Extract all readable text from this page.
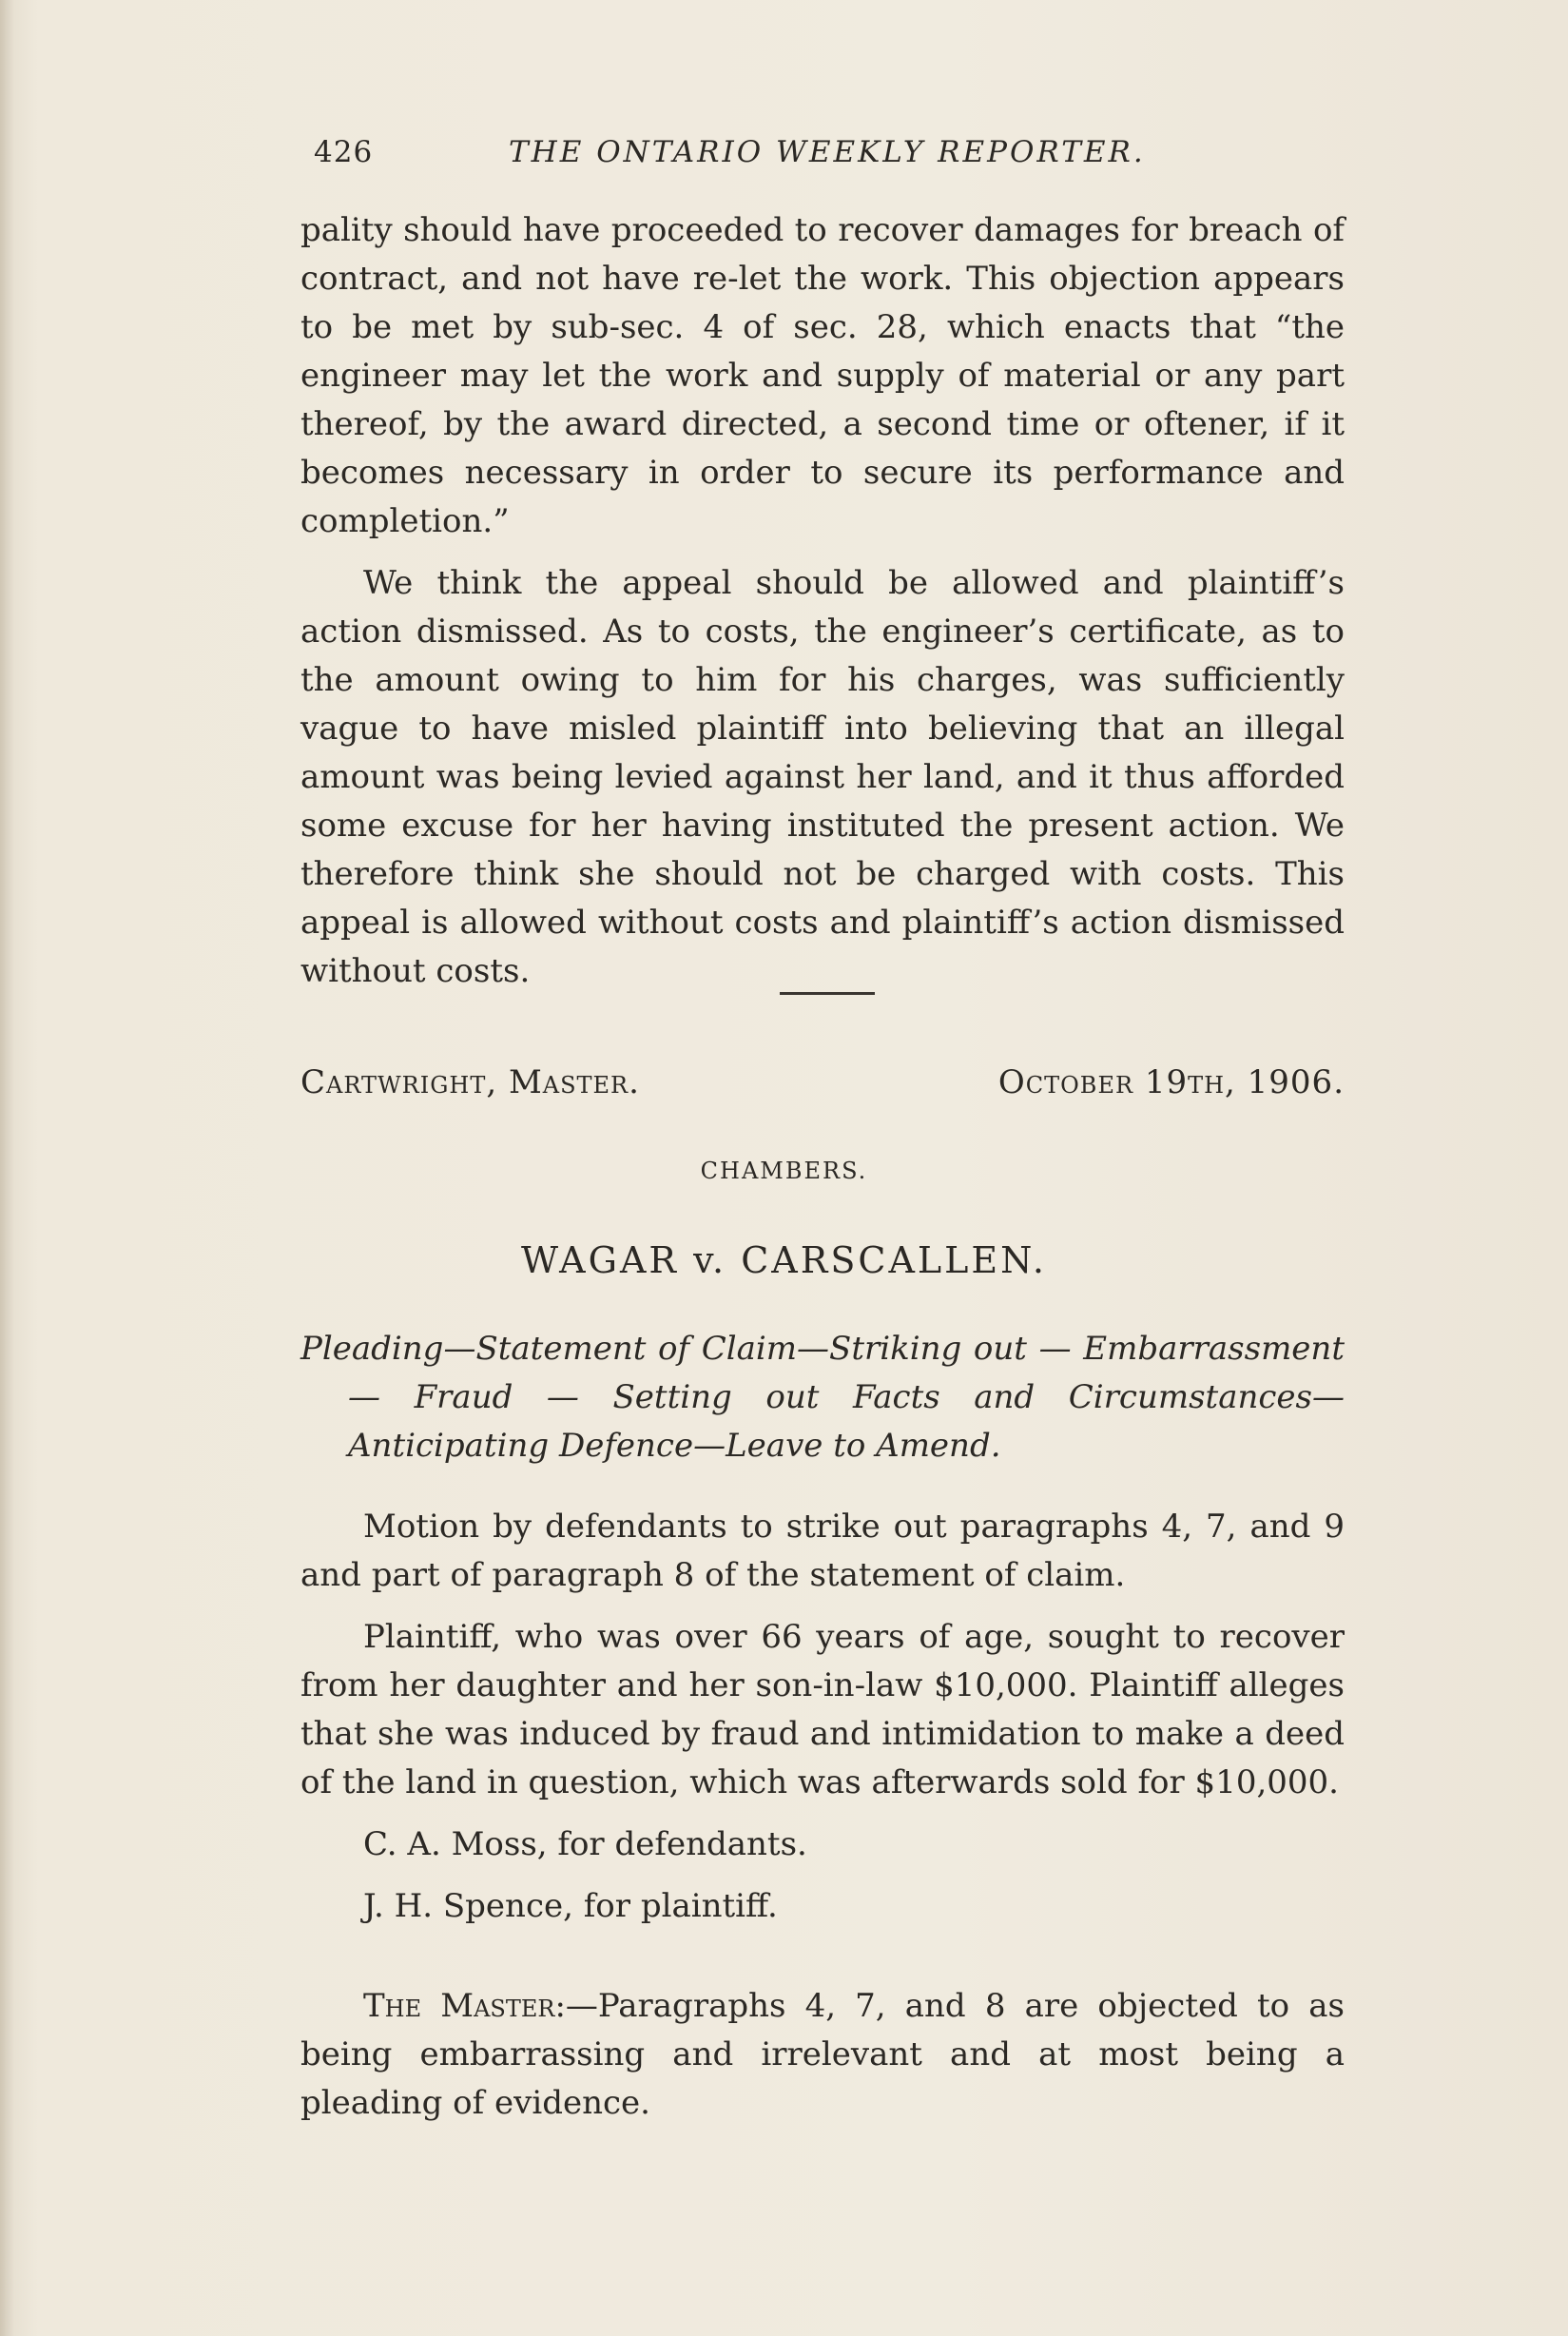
426	THE ONTARIO WEEKLY REPORTER.

pality should have proceeded to recover damages for breach of contract, and not have re-let the work. This objection appears to be met by sub-sec. 4 of sec. 28, which enacts that “the engineer may let the work and supply of material or any part thereof, by the award directed, a second time or oftener, if it becomes necessary in order to secure its performance and completion.”

We think the appeal should be allowed and plaintiff’s action dismissed. As to costs, the engineer’s certificate, as to the amount owing to him for his charges, was sufficiently vague to have misled plaintiff into believing that an illegal amount was being levied against her land, and it thus afforded some excuse for her having instituted the present action. We therefore think she should not be charged with costs. This appeal is allowed without costs and plaintiff’s action dismissed without costs.

Cartwright, Master.	October 19th, 1906.
CHAMBERS.
WAGAR v. CARSCALLEN.
Pleading—Statement of Claim—Striking out — Embarrassment — Fraud — Setting out Facts and Circumstances—Anticipating Defence—Leave to Amend.

Motion by defendants to strike out paragraphs 4, 7, and 9 and part of paragraph 8 of the statement of claim.

Plaintiff, who was over 66 years of age, sought to recover from her daughter and her son-in-law $10,000. Plaintiff alleges that she was induced by fraud and intimidation to make a deed of the land in question, which was afterwards sold for $10,000.

C. A. Moss, for defendants.

J. H. Spence, for plaintiff.

The Master:—Paragraphs 4, 7, and 8 are objected to as being embarrassing and irrelevant and at most being a pleading of evidence.
